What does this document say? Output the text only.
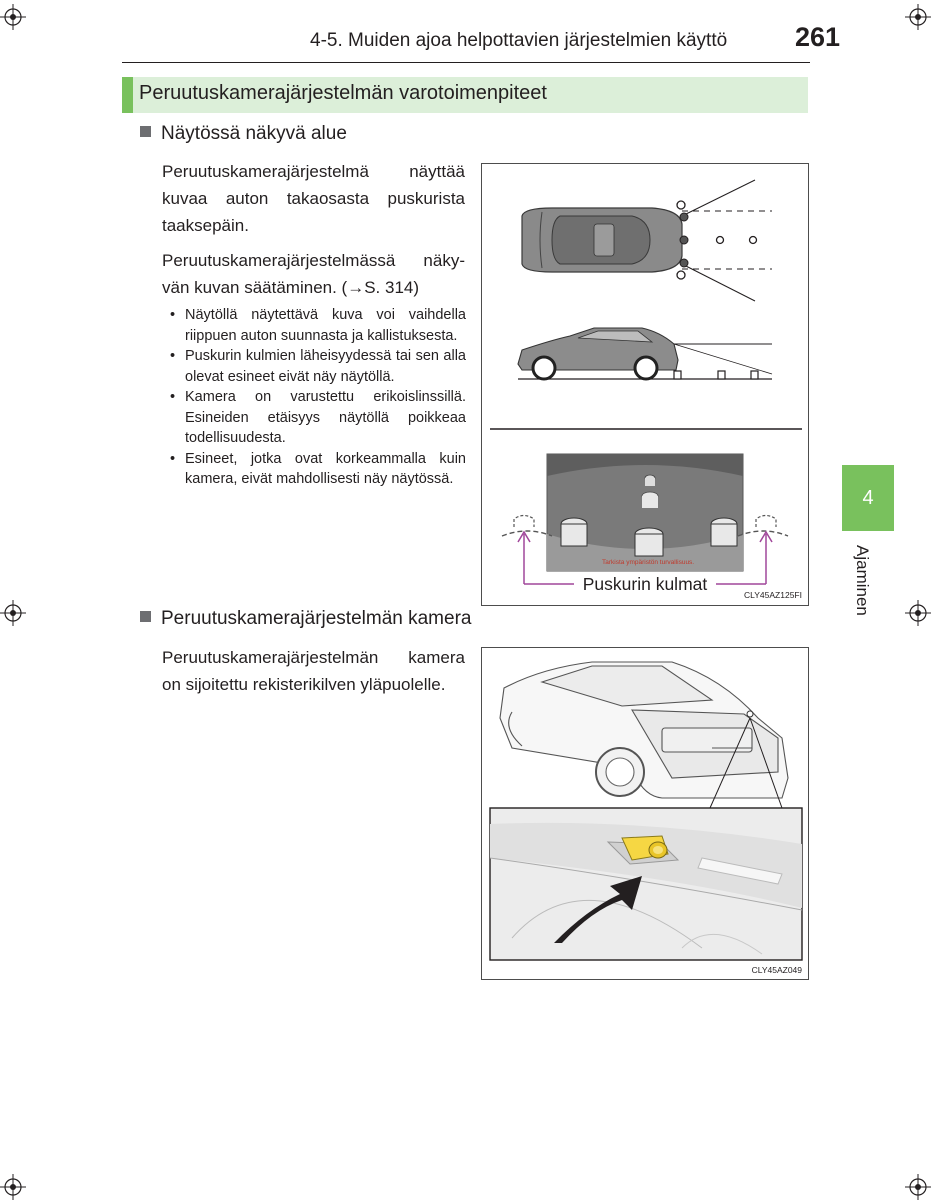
4-5. Muiden ajoa helpottavien järjestelmien käyttö	261
Peruutuskamerajärjestelmän varotoimenpiteet
Näytössä näkyvä alue
Peruutuskamerajärjestelmä näyttää
kuvaa auton takaosasta puskurista
taaksepäin.
Peruutuskamerajärjestelmässä näky-
vän kuvan säätäminen. (→S. 314)
• Näytöllä näytettävä kuva voi vaihdella riippuen auton suunnasta ja kallistuksesta.
• Puskurin kulmien läheisyydessä tai sen alla olevat esineet eivät näy näytöllä.
• Kamera on varustettu erikoislinssillä. Esineiden etäisyys näytöllä poikkeaa todellisuudesta.
• Esineet, jotka ovat korkeammalla kuin kamera, eivät mahdollisesti näy näytössä.
Tarkista ympäristön turvallisuus.
Puskurin kulmat
CLY45AZ125FI
Peruutuskamerajärjestelmän kamera
Peruutuskamerajärjestelmän kamera
on sijoitettu rekisterikilven yläpuolelle.
CLY45AZ049
4
Ajaminen
